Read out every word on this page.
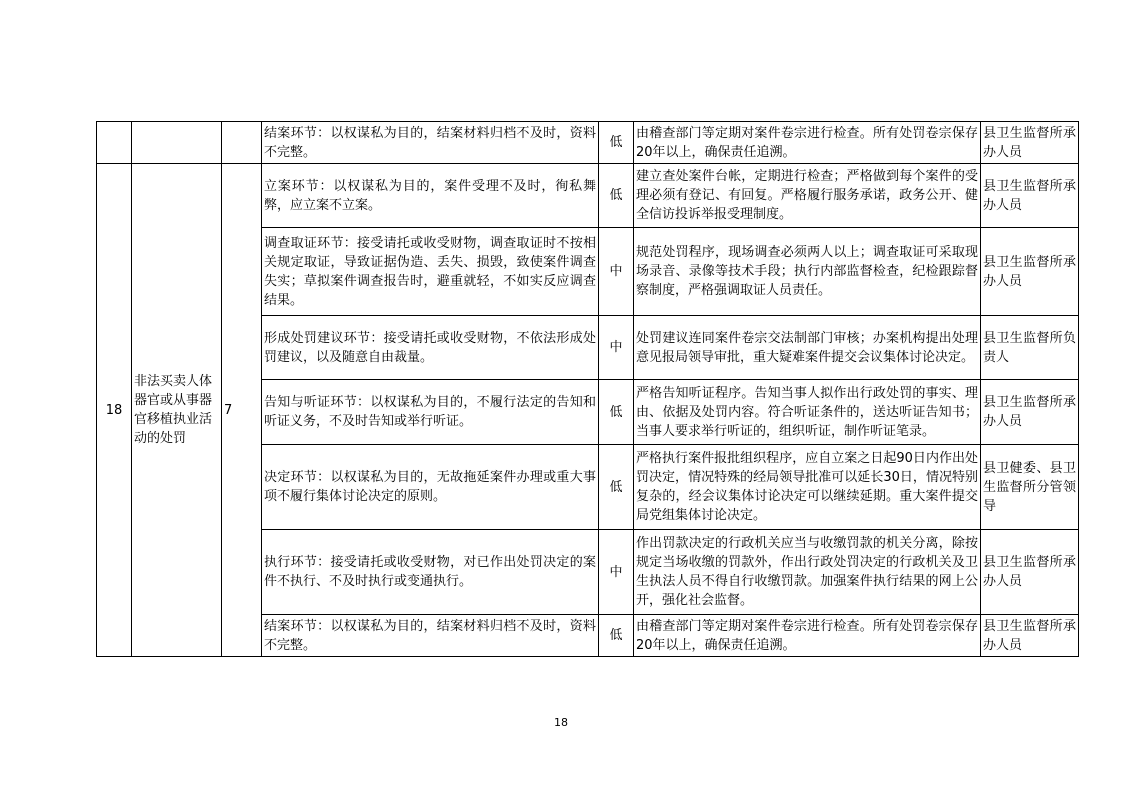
			结案环节：以权谋私为目的，结案材料归档不及时，资料不完整。	低	由稽查部门等定期对案件卷宗进行检查。所有处罚卷宗保存20年以上，确保责任追溯。	县卫生监督所承办人员
18	非法买卖人体器官或从事器官移植执业活动的处罚	7	立案环节：以权谋私为目的，案件受理不及时，徇私舞弊，应立案不立案。	低	建立查处案件台帐，定期进行检查；严格做到每个案件的受理必须有登记、有回复。严格履行服务承诺，政务公开、健全信访投诉举报受理制度。	县卫生监督所承办人员
			调查取证环节：接受请托或收受财物，调查取证时不按相关规定取证，导致证据伪造、丢失、损毁，致使案件调查失实；草拟案件调查报告时，避重就轻，不如实反应调查结果。	中	规范处罚程序，现场调查必须两人以上；调查取证可采取现场录音、录像等技术手段；执行内部监督检查，纪检跟踪督察制度，严格强调取证人员责任。	县卫生监督所承办人员
			形成处罚建议环节：接受请托或收受财物，不依法形成处罚建议，以及随意自由裁量。	中	处罚建议连同案件卷宗交法制部门审核；办案机构提出处理意见报局领导审批，重大疑难案件提交会议集体讨论决定。	县卫生监督所负责人
			告知与听证环节：以权谋私为目的，不履行法定的告知和听证义务，不及时告知或举行听证。	低	严格告知听证程序。告知当事人拟作出行政处罚的事实、理由、依据及处罚内容。符合听证条件的，送达听证告知书；当事人要求举行听证的，组织听证，制作听证笔录。	县卫生监督所承办人员
			决定环节：以权谋私为目的，无故拖延案件办理或重大事项不履行集体讨论决定的原则。	低	严格执行案件报批组织程序，应自立案之日起90日内作出处罚决定，情况特殊的经局领导批准可以延长30日，情况特别复杂的，经会议集体讨论决定可以继续延期。重大案件提交局党组集体讨论决定。	县卫健委、县卫生监督所分管领导
			执行环节：接受请托或收受财物，对已作出处罚决定的案件不执行、不及时执行或变通执行。	中	作出罚款决定的行政机关应当与收缴罚款的机关分离，除按规定当场收缴的罚款外，作出行政处罚决定的行政机关及卫生执法人员不得自行收缴罚款。加强案件执行结果的网上公开，强化社会监督。	县卫生监督所承办人员
			结案环节：以权谋私为目的，结案材料归档不及时，资料不完整。	低	由稽查部门等定期对案件卷宗进行检查。所有处罚卷宗保存20年以上，确保责任追溯。	县卫生监督所承办人员
18
